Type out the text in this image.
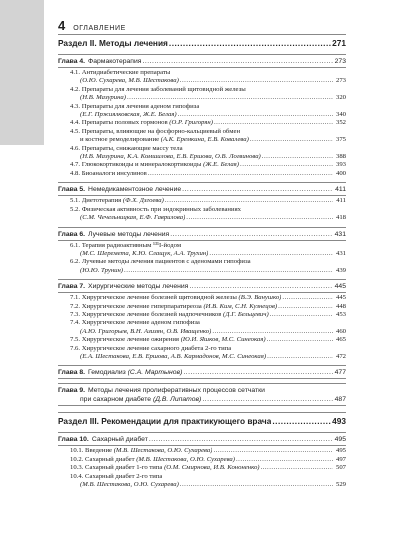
4 ОГЛАВЛЕНИЕ
Раздел II. Методы лечения .....	271
Глава 4. Фармакотерапия .....	273
4.1.
Антидиабетические препараты
(О.Ю. Сухарева, М.В. Шестакова) .....	273
4.2.
Препараты для лечения заболеваний щитовидной железы
(Н.В. Мазурина) .....	320
4.3.
Препараты для лечения аденом гипофиза
(Е.Г. Пржиялковская, Ж.Е. Белая) .....	340
4.4.
Препараты половых гормонов
(О.Р. Григорян) .....	352
4.5.
Препараты, влияющие на фосфорно-кальциевый обмен
и костное ремоделирование
(А.К. Еремкина, Е.В. Ковалева) .....	375
4.6.
Препараты, снижающие массу тела
(Н.В. Мазурина, К.А. Комшилова, Е.В. Ершова, О.В. Логвинова) .....	388
4.7.
Глюкокортикоиды и минералокортикоиды
(Ж.Е. Белая) .....	393
4.8.
Биоаналоги инсулинов .....	400
Глава 5. Немедикаментозное лечение .....	411
5.1.
Диетотерапия
(Ф.Х. Дзгоева) .....	411
5.2.
Физическая активность при эндокринных заболеваниях
(С.М. Чечельницкая, Е.Ф. Гаврилова) .....	418
Глава 6. Лучевые методы лечения .....	431
6.1.
Терапия радиоактивным ¹³¹I-йодом
(М.С. Шеремета, К.Ю. Слащук, А.А. Трухин) .....	431
6.2.
Лучевые методы лечения пациентов с аденомами гипофиза
(Ю.Ю. Трунин) .....	439
Глава 7. Хирургические методы лечения .....	445
7.1.
Хирургическое лечение болезней щитовидной железы
(В.Э. Ванушко) .....	445
7.2.
Хирургическое лечение гиперпаратиреоза
(И.В. Ким, С.Н. Кузнецов) .....	448
7.3.
Хирургическое лечение болезней надпочечников
(Д.Г. Бельцевич) .....	453
7.4.
Хирургическое лечение аденом гипофиза
(А.Ю. Григорьев, В.Н. Азизян, О.В. Иващенко) .....	460
7.5.
Хирургическое лечение ожирения
(Ю.И. Яшков, М.С. Синеокая) .....	465
7.6.
Хирургическое лечение сахарного диабета 2-го типа
(Е.А. Шестакова, Е.В. Ершова, А.В. Кармадонов, М.С. Синеокая) .....	472
Глава 8. Гемодиализ
(С.А. Мартынов) .....	477
Глава 9. Методы лечения пролиферативных процессов сетчатки
при сахарном диабете
(Д.В. Липатов) .....	487
Раздел III. Рекомендации для практикующего врача .....	493
Глава 10. Сахарный диабет .....	495
10.1.
Введение
(М.В. Шестакова, О.Ю. Сухарева) .....	495
10.2.
Сахарный диабет
(М.В. Шестакова, О.Ю. Сухарева) .....	497
10.3.
Сахарный диабет 1-го типа
(О.М. Смирнова, И.В. Кононенко) .....	507
10.4.
Сахарный диабет 2-го типа
(М.В. Шестакова, О.Ю. Сухарева) .....	529
